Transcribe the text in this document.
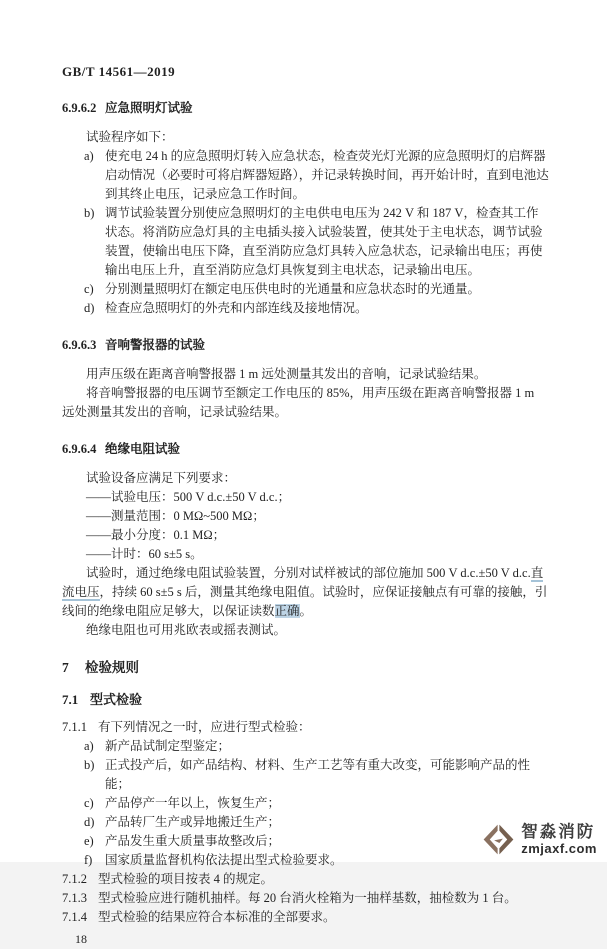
GB/T 14561—2019
6.9.6.2 应急照明灯试验

试验程序如下：

a) 使充电 24 h 的应急照明灯转入应急状态，检查荧光灯光源的应急照明灯的启辉器启动情况（必要时可将启辉器短路），并记录转换时间，再开始计时，直到电池达到其终止电压，记录应急工作时间。
b) 调节试验装置分别使应急照明灯的主电供电电压为 242 V 和 187 V，检查其工作状态。将消防应急灯具的主电插头接入试验装置，使其处于主电状态，调节试验装置，使输出电压下降，直至消防应急灯具转入应急状态，记录输出电压；再使输出电压上升，直至消防应急灯具恢复到主电状态，记录输出电压。
c) 分别测量照明灯在额定电压供电时的光通量和应急状态时的光通量。
d) 检查应急照明灯的外壳和内部连线及接地情况。
6.9.6.3 音响警报器的试验

用声压级在距离音响警报器 1 m 远处测量其发出的音响，记录试验结果。

将音响警报器的电压调节至额定工作电压的 85%，用声压级在距离音响警报器 1 m 远处测量其发出的音响，记录试验结果。

6.9.6.4 绝缘电阻试验

试验设备应满足下列要求：

——试验电压：500 V d.c.±50 V d.c.；
——测量范围：0 MΩ~500 MΩ；
——最小分度：0.1 MΩ；
——计时：60 s±5 s。

试验时，通过绝缘电阻试验装置，分别对试样被试的部位施加 500 V d.c.±50 V d.c.直流电压，持续 60 s±5 s 后，测量其绝缘电阻值。试验时，应保证接触点有可靠的接触，引线间的绝缘电阻应足够大，以保证读数正确。

绝缘电阻也可用兆欧表或摇表测试。

7	检验规则
7.1 型式检验
7.1.1 有下列情况之一时，应进行型式检验：
a) 新产品试制定型鉴定；
b) 正式投产后，如产品结构、材料、生产工艺等有重大改变，可能影响产品的性能；
c) 产品停产一年以上，恢复生产；
d) 产品转厂生产或异地搬迁生产；
e) 产品发生重大质量事故整改后；
f)	国家质量监督机构依法提出型式检验要求。
7.1.2 型式检验的项目按表 4 的规定。
7.1.3 型式检验应进行随机抽样。每 20 台消火栓箱为一抽样基数，抽检数为 1 台。
7.1.4 型式检验的结果应符合本标准的全部要求。
18
智淼消防
zmjaxf.com
